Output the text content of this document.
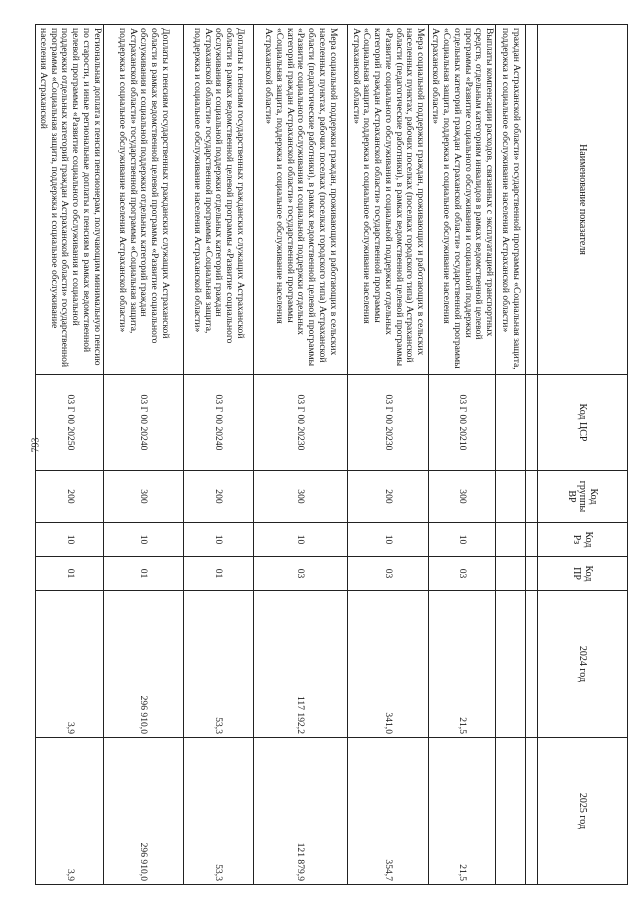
793
Наименование показателя	Код ЦСР	Код группы ВР	Код Рз	Код ПР	2024 год	2025 год

граждан Астраханской области» государственной программы «Социальная защита, поддержка и социальное обслуживание населения Астраханской области»						
Выплаты компенсации расходов, связанных с эксплуатацией транспортных средств, отдельным категориям инвалидов в рамках ведомственной целевой программы «Развитие социального обслуживания и социальной поддержки отдельных категорий граждан Астраханской области» государственной программы «Социальная защита, поддержка и социальное обслуживание населения Астраханской области»	03 Г 00 20210	300	10	03	21,5	21,5
Мера социальной поддержки граждан, проживающих и работающих в сельских населенных пунктах, рабочих поселках (поселках городского типа) Астраханской области (педагогические работники), в рамках ведомственной целевой программы «Развитие социального обслуживания и социальной поддержки отдельных категорий граждан Астраханской области» государственной программы «Социальная защита, поддержка и социальное обслуживание населения Астраханской области»	03 Г 00 20230	200	10	03	341,0	354,7
Мера социальной поддержки граждан, проживающих и работающих в сельских населенных пунктах, рабочих поселках (поселках городского типа) Астраханской области (педагогические работники), в рамках ведомственной целевой программы «Развитие социального обслуживания и социальной поддержки отдельных категорий граждан Астраханской области» государственной программы «Социальная защита, поддержка и социальное обслуживание населения Астраханской области»	03 Г 00 20230	300	10	03	117 192,2	121 879,9
Доплаты к пенсиям государственных гражданских служащих Астраханской области в рамках ведомственной целевой программы «Развитие социального обслуживания и социальной поддержки отдельных категорий граждан Астраханской области» государственной программы «Социальная защита, поддержка и социальное обслуживание населения Астраханской области»	03 Г 00 20240	200	10	01	53,3	53,3
Доплаты к пенсиям государственных гражданских служащих Астраханской области в рамках ведомственной целевой программы «Развитие социального обслуживания и социальной поддержки отдельных категорий граждан Астраханской области» государственной программы «Социальная защита, поддержка и социальное обслуживание населения Астраханской области»	03 Г 00 20240	300	10	01	296 910,0	296 910,0
Региональная доплата к пенсии пенсионерам, получающим минимальную пенсию по старости, и иные региональные доплаты к пенсиям в рамках ведомственной целевой программы «Развитие социального обслуживания и социальной поддержки отдельных категорий граждан Астраханской области» государственной программы «Социальная защита, поддержка и социальное обслуживание населения Астраханской	03 Г 00 20250	200	10	01	3,9	3,9
